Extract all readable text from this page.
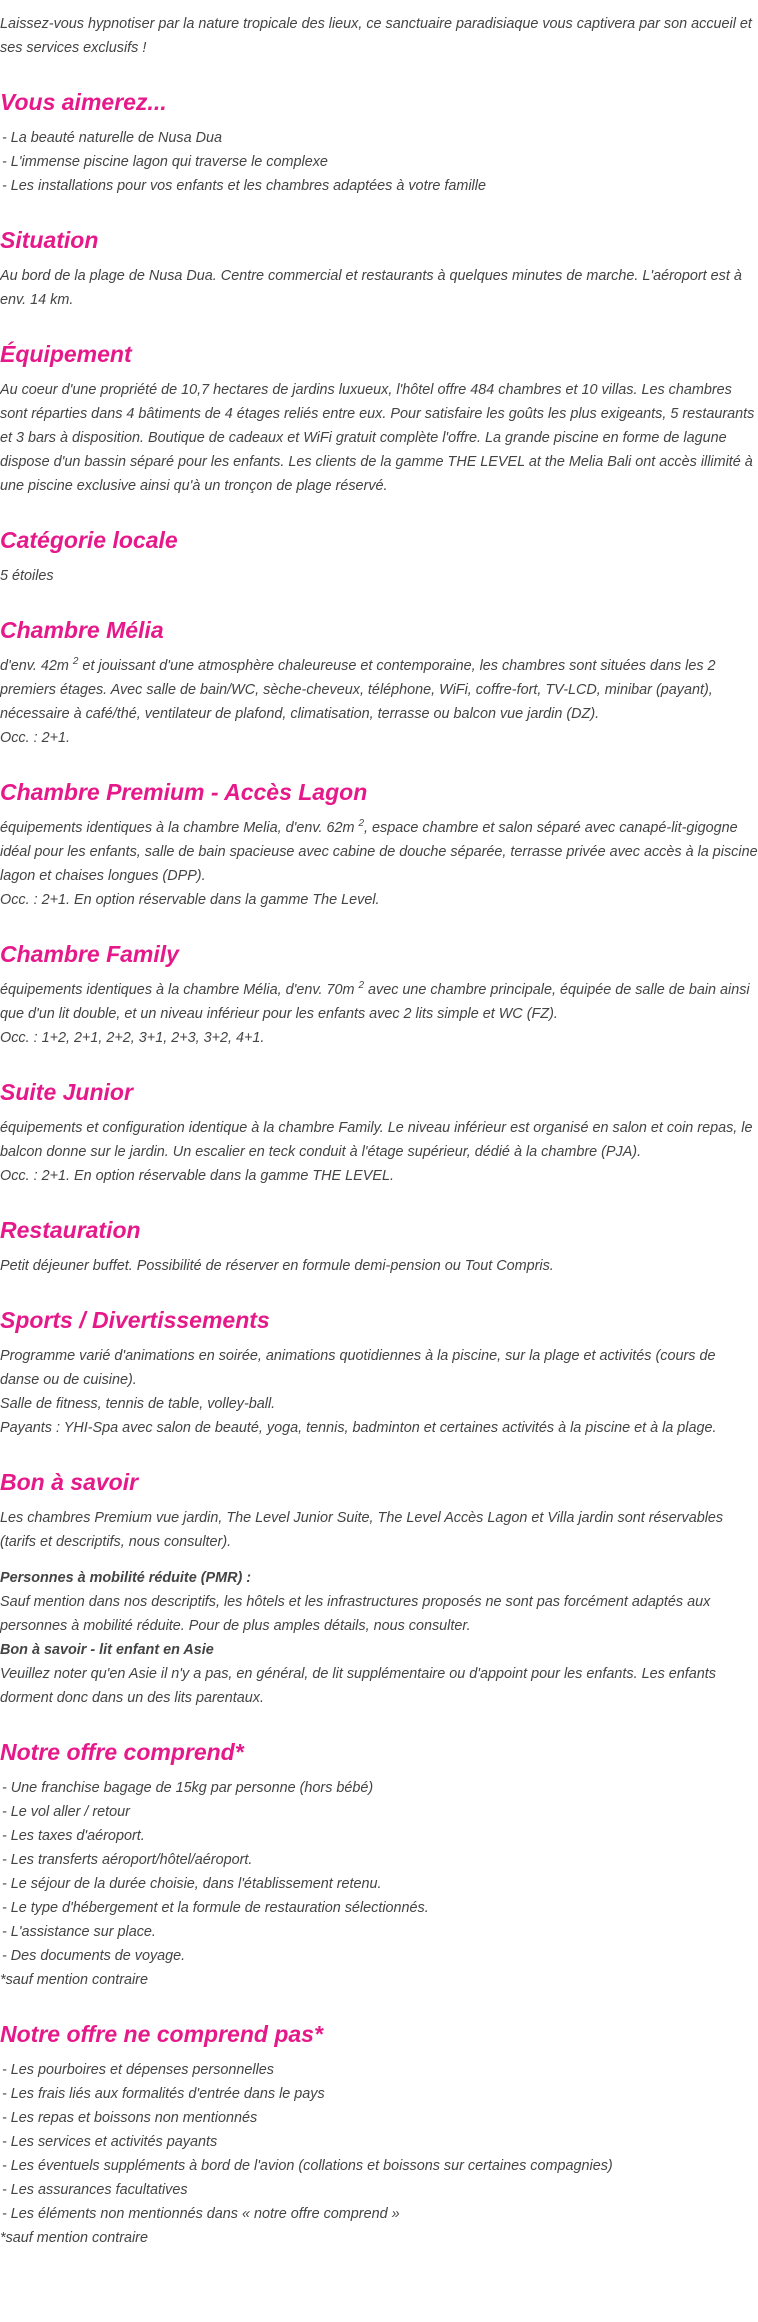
Laissez-vous hypnotiser par la nature tropicale des lieux, ce sanctuaire paradisiaque vous captivera par son accueil et ses services exclusifs !

Vous aimerez...
- La beauté naturelle de Nusa Dua
- L'immense piscine lagon qui traverse le complexe
- Les installations pour vos enfants et les chambres adaptées à votre famille
Situation

Au bord de la plage de Nusa Dua. Centre commercial et restaurants à quelques minutes de marche. L'aéroport est à env. 14 km.

Équipement

Au coeur d'une propriété de 10,7 hectares de jardins luxueux, l'hôtel offre 484 chambres et 10 villas. Les chambres sont réparties dans 4 bâtiments de 4 étages reliés entre eux. Pour satisfaire les goûts les plus exigeants, 5 restaurants et 3 bars à disposition. Boutique de cadeaux et WiFi gratuit complète l'offre. La grande piscine en forme de lagune dispose d'un bassin séparé pour les enfants. Les clients de la gamme THE LEVEL at the Melia Bali ont accès illimité à une piscine exclusive ainsi qu'à un tronçon de plage réservé.

Catégorie locale

5 étoiles

Chambre Mélia

d'env. 42m $^2$ et jouissant d'une atmosphère chaleureuse et contemporaine, les chambres sont situées dans les 2 premiers étages. Avec salle de bain/WC, sèche-cheveux, téléphone, WiFi, coffre-fort, TV-LCD, minibar (payant), nécessaire à café/thé, ventilateur de plafond, climatisation, terrasse ou balcon vue jardin (DZ).

Occ. : 2+1.

Chambre Premium - Accès Lagon

équipements identiques à la chambre Melia, d'env. 62m $^2$, espace chambre et salon séparé avec canapé-lit-gigogne idéal pour les enfants, salle de bain spacieuse avec cabine de douche séparée, terrasse privée avec accès à la piscine lagon et chaises longues (DPP).

Occ. : 2+1. En option réservable dans la gamme The Level.

Chambre Family

équipements identiques à la chambre Mélia, d'env. 70m $^2$ avec une chambre principale, équipée de salle de bain ainsi que d'un lit double, et un niveau inférieur pour les enfants avec 2 lits simple et WC (FZ).

Occ. : 1+2, 2+1, 2+2, 3+1, 2+3, 3+2, 4+1.

Suite Junior

équipements et configuration identique à la chambre Family. Le niveau inférieur est organisé en salon et coin repas, le balcon donne sur le jardin. Un escalier en teck conduit à l'étage supérieur, dédié à la chambre (PJA).

Occ. : 2+1. En option réservable dans la gamme THE LEVEL.

Restauration

Petit déjeuner buffet. Possibilité de réserver en formule demi-pension ou Tout Compris.

Sports / Divertissements

Programme varié d'animations en soirée, animations quotidiennes à la piscine, sur la plage et activités (cours de danse ou de cuisine).

Salle de fitness, tennis de table, volley-ball.

Payants : YHI-Spa avec salon de beauté, yoga, tennis, badminton et certaines activités à la piscine et à la plage.

Bon à savoir

Les chambres Premium vue jardin, The Level Junior Suite, The Level Accès Lagon et Villa jardin sont réservables (tarifs et descriptifs, nous consulter).

Personnes à mobilité réduite (PMR) :

Sauf mention dans nos descriptifs, les hôtels et les infrastructures proposés ne sont pas forcément adaptés aux personnes à mobilité réduite. Pour de plus amples détails, nous consulter.

Bon à savoir - lit enfant en Asie

Veuillez noter qu'en Asie il n'y a pas, en général, de lit supplémentaire ou d'appoint pour les enfants. Les enfants dorment donc dans un des lits parentaux.

Notre offre comprend*
- Une franchise bagage de 15kg par personne (hors bébé)
- Le vol aller / retour
- Les taxes d'aéroport.
- Les transferts aéroport/hôtel/aéroport.
- Le séjour de la durée choisie, dans l'établissement retenu.
- Le type d'hébergement et la formule de restauration sélectionnés.
- L'assistance sur place.
- Des documents de voyage.

*sauf mention contraire

Notre offre ne comprend pas*
- Les pourboires et dépenses personnelles
- Les frais liés aux formalités d'entrée dans le pays
- Les repas et boissons non mentionnés
- Les services et activités payants
- Les éventuels suppléments à bord de l'avion (collations et boissons sur certaines compagnies)
- Les assurances facultatives
- Les éléments non mentionnés dans « notre offre comprend »

*sauf mention contraire
